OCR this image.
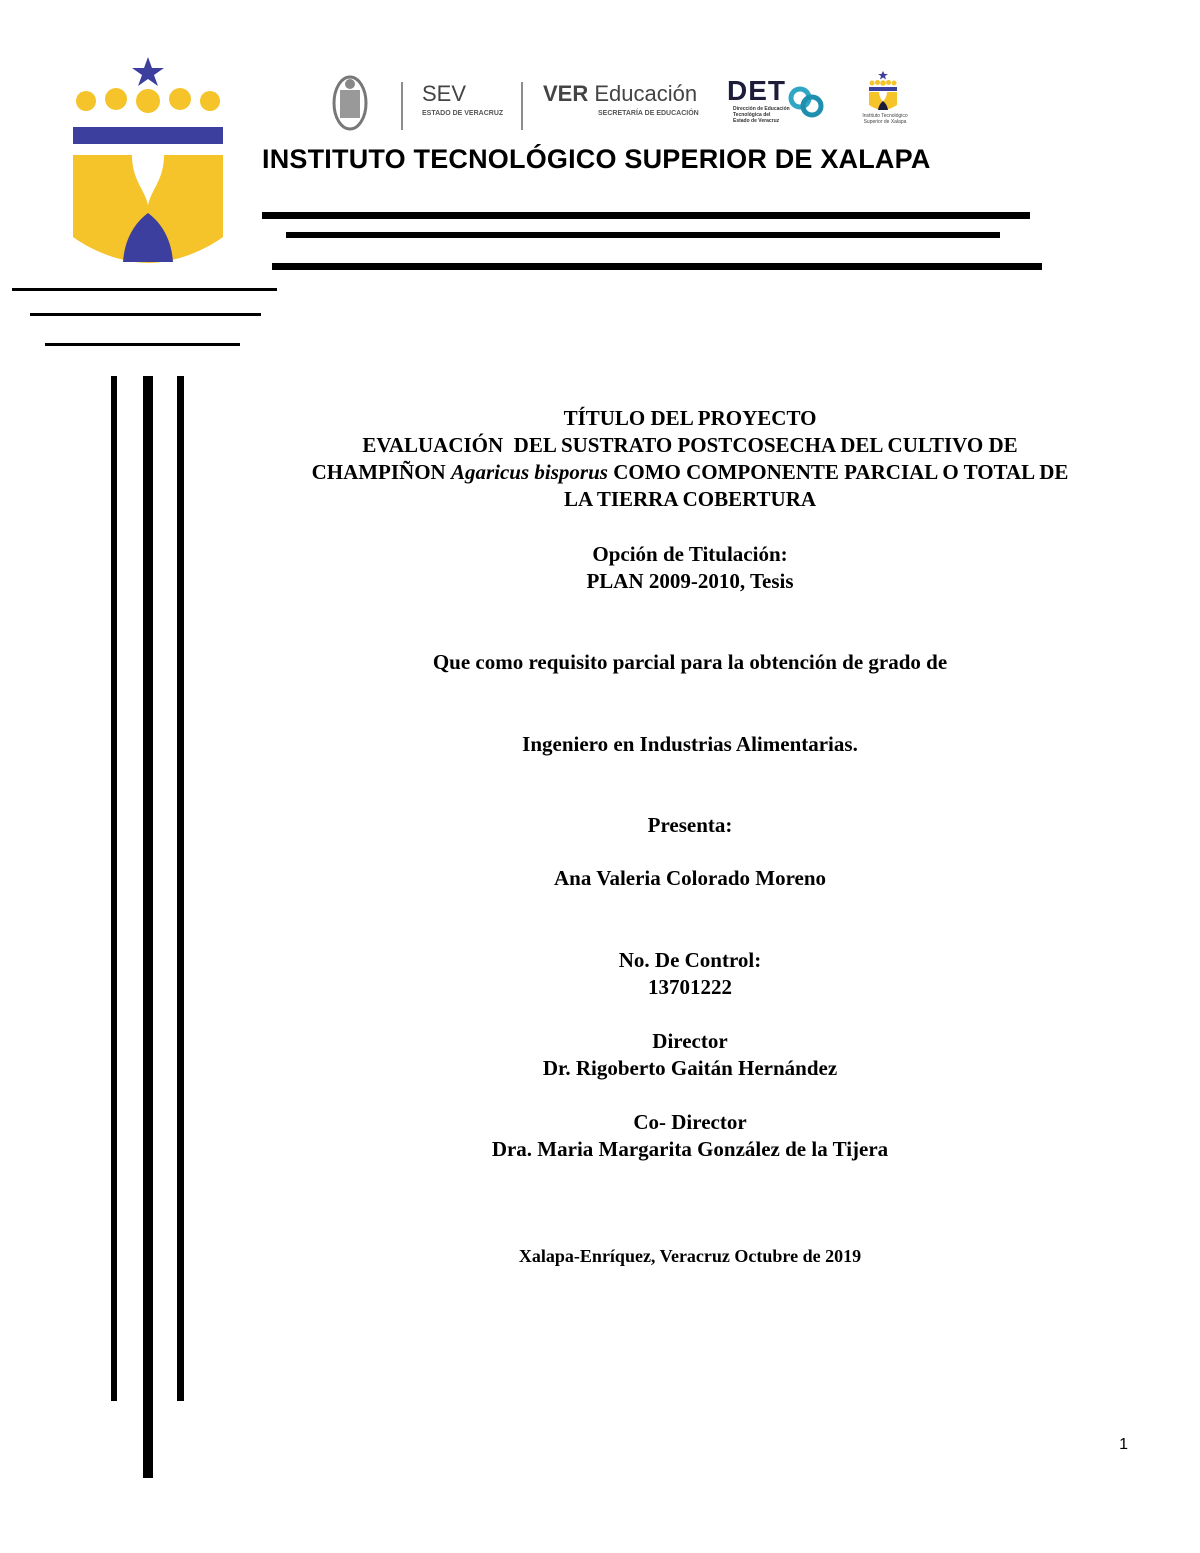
SEV
ESTADO DE VERACRUZ
VER Educación
SECRETARÍA DE EDUCACIÓN
DET
Dirección de Educación
Tecnológica del
Estado de Veracruz
Instituto Tecnológico
Superior de Xalapa
INSTITUTO TECNOLÓGICO SUPERIOR DE XALAPA
TÍTULO DEL PROYECTO
EVALUACIÓN  DEL SUSTRATO POSTCOSECHA DEL CULTIVO DE
CHAMPIÑON Agaricus bisporus COMO COMPONENTE PARCIAL O TOTAL DE
LA TIERRA COBERTURA
Opción de Titulación:
PLAN 2009-2010, Tesis
Que como requisito parcial para la obtención de grado de
Ingeniero en Industrias Alimentarias.
Presenta:
Ana Valeria Colorado Moreno
No. De Control:
13701222
Director
Dr. Rigoberto Gaitán Hernández
Co- Director
Dra. Maria Margarita González de la Tijera
Xalapa-Enríquez, Veracruz Octubre de 2019
1
